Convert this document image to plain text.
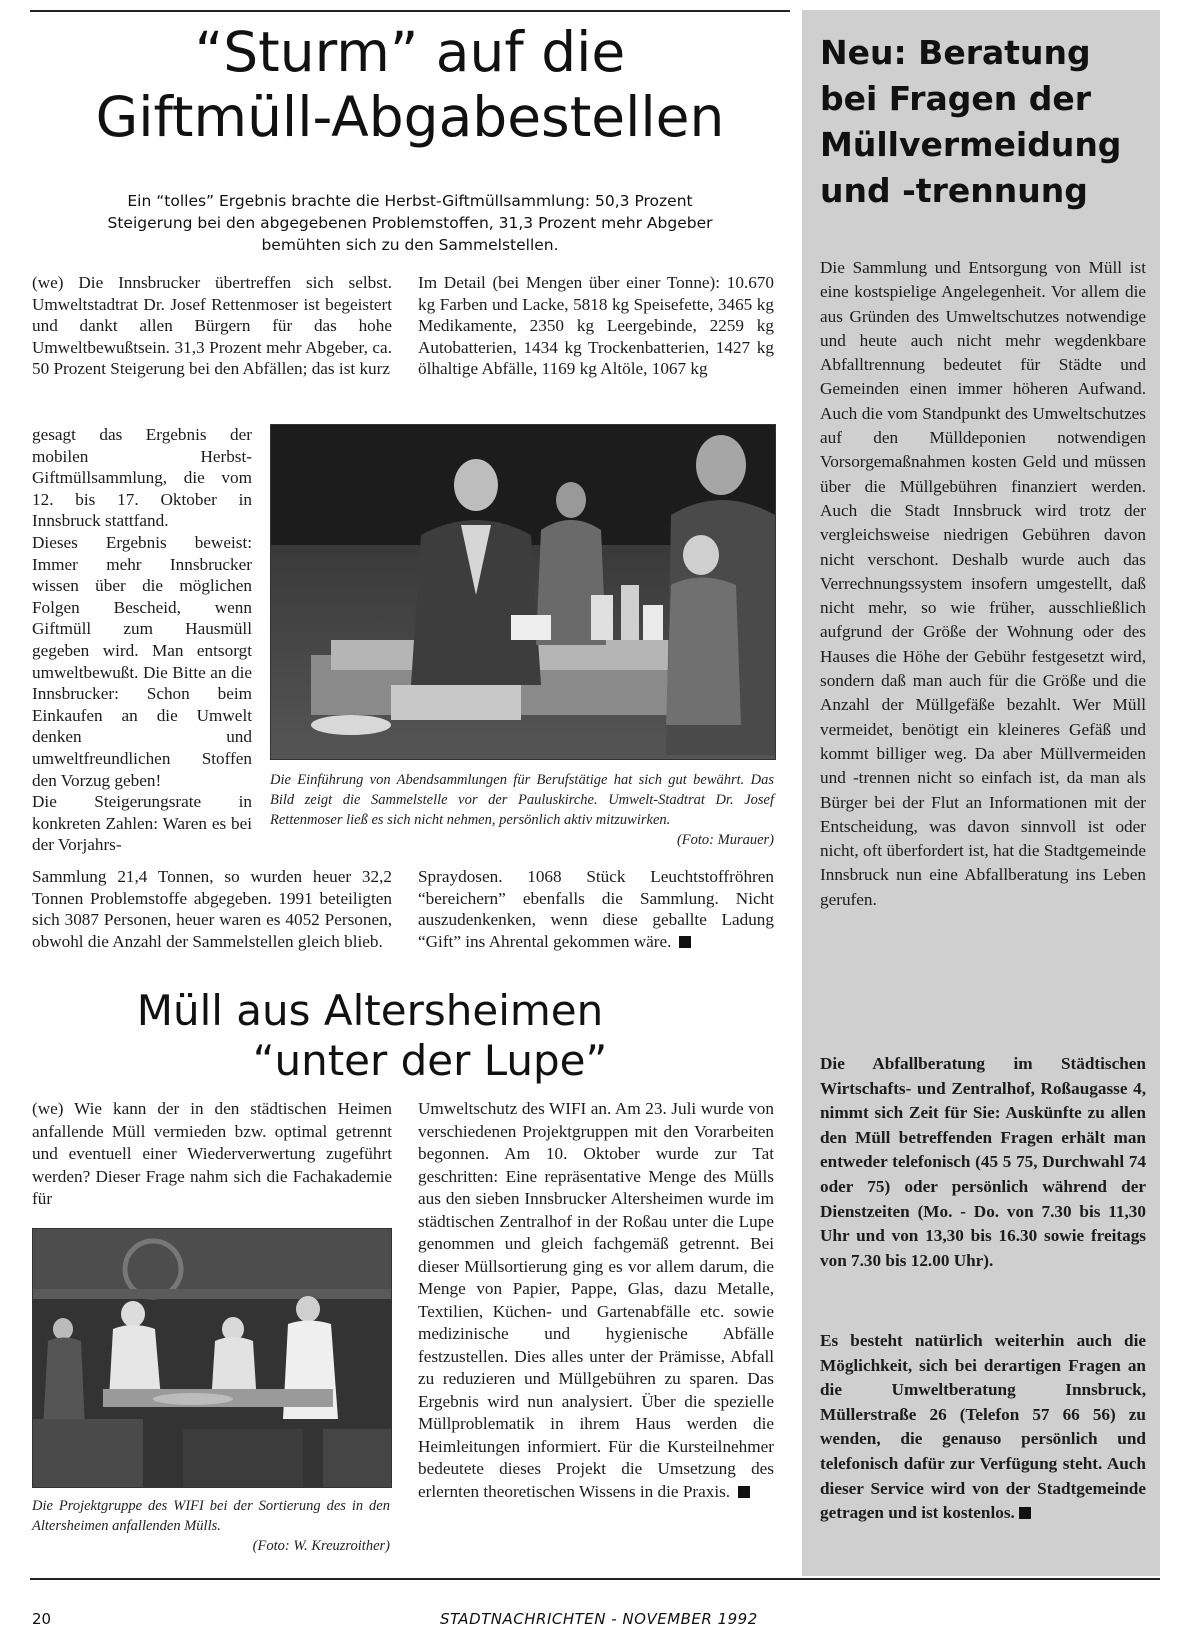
“Sturm” auf die
Giftmüll-Abgabestellen
Ein “tolles” Ergebnis brachte die Herbst-Giftmüllsammlung: 50,3 Prozent
Steigerung bei den abgegebenen Problemstoffen, 31,3 Prozent mehr Abgeber
bemühten sich zu den Sammelstellen.

(we) Die Innsbrucker übertreffen sich selbst. Umweltstadtrat Dr. Josef Rettenmoser ist begeistert und dankt allen Bürgern für das hohe Umweltbewußtsein. 31,3 Prozent mehr Abgeber, ca. 50 Prozent Steigerung bei den Abfällen; das ist kurz

gesagt das Ergebnis der mobilen Herbst-Giftmüllsammlung, die vom 12. bis 17. Oktober in Innsbruck stattfand.

Dieses Ergebnis beweist: Immer mehr Innsbrucker wissen über die möglichen Folgen Bescheid, wenn Giftmüll zum Hausmüll gegeben wird. Man entsorgt umweltbewußt. Die Bitte an die Innsbrucker: Schon beim Einkaufen an die Umwelt denken und umweltfreundlichen Stoffen den Vorzug geben!

Die Steigerungsrate in konkreten Zahlen: Waren es bei der Vorjahrs-

Sammlung 21,4 Tonnen, so wurden heuer 32,2 Tonnen Problemstoffe abgegeben. 1991 beteiligten sich 3087 Personen, heuer waren es 4052 Personen, obwohl die Anzahl der Sammelstellen gleich blieb.

Im Detail (bei Mengen über einer Tonne): 10.670 kg Farben und Lacke, 5818 kg Speisefette, 3465 kg Medikamente, 2350 kg Leergebinde, 2259 kg Autobatterien, 1434 kg Trockenbatterien, 1427 kg ölhaltige Abfälle, 1169 kg Altöle, 1067 kg

Die Einführung von Abendsammlungen für Berufstätige hat sich gut bewährt. Das Bild zeigt die Sammelstelle vor der Pauluskirche. Umwelt-Stadtrat Dr. Josef Rettenmoser ließ es sich nicht nehmen, persönlich aktiv mitzuwirken.
(Foto: Murauer)

Spraydosen. 1068 Stück Leuchtstoffröhren “bereichern” ebenfalls die Sammlung. Nicht auszudenkenken, wenn diese geballte Ladung “Gift” ins Ahrental gekommen wäre.

Müll aus Altersheimen
“unter der Lupe”

(we) Wie kann der in den städtischen Heimen anfallende Müll vermieden bzw. optimal getrennt und eventuell einer Wiederverwertung zugeführt werden? Dieser Frage nahm sich die Fachakademie für

Die Projektgruppe des WIFI bei der Sortierung des in den Altersheimen anfallenden Mülls.
(Foto: W. Kreuzroither)

Umweltschutz des WIFI an. Am 23. Juli wurde von verschiedenen Projektgruppen mit den Vorarbeiten begonnen. Am 10. Oktober wurde zur Tat geschritten: Eine repräsentative Menge des Mülls aus den sieben Innsbrucker Altersheimen wurde im städtischen Zentralhof in der Roßau unter die Lupe genommen und gleich fachgemäß getrennt. Bei dieser Müllsortierung ging es vor allem darum, die Menge von Papier, Pappe, Glas, dazu Metalle, Textilien, Küchen- und Gartenabfälle etc. sowie medizinische und hygienische Abfälle festzustellen. Dies alles unter der Prämisse, Abfall zu reduzieren und Müllgebühren zu sparen. Das Ergebnis wird nun analysiert. Über die spezielle Müllproblematik in ihrem Haus werden die Heimleitungen informiert. Für die Kursteilnehmer bedeutete dieses Projekt die Umsetzung des erlernten theoretischen Wissens in die Praxis.

Neu: Beratung
bei Fragen der
Müllvermeidung
und -trennung

Die Sammlung und Entsorgung von Müll ist eine kostspielige Angelegenheit. Vor allem die aus Gründen des Umweltschutzes notwendige und heute auch nicht mehr wegdenkbare Abfalltrennung bedeutet für Städte und Gemeinden einen immer höheren Aufwand. Auch die vom Standpunkt des Umweltschutzes auf den Mülldeponien notwendigen Vorsorgemaßnahmen kosten Geld und müssen über die Müllgebühren finanziert werden. Auch die Stadt Innsbruck wird trotz der vergleichsweise niedrigen Gebühren davon nicht verschont. Deshalb wurde auch das Verrechnungssystem insofern umgestellt, daß nicht mehr, so wie früher, ausschließlich aufgrund der Größe der Wohnung oder des Hauses die Höhe der Gebühr festgesetzt wird, sondern daß man auch für die Größe und die Anzahl der Müllgefäße bezahlt. Wer Müll vermeidet, benötigt ein kleineres Gefäß und kommt billiger weg. Da aber Müllvermeiden und -trennen nicht so einfach ist, da man als Bürger bei der Flut an Informationen mit der Entscheidung, was davon sinnvoll ist oder nicht, oft überfordert ist, hat die Stadtgemeinde Innsbruck nun eine Abfallberatung ins Leben gerufen.

Die Abfallberatung im Städtischen Wirtschafts- und Zentralhof, Roßaugasse 4, nimmt sich Zeit für Sie: Auskünfte zu allen den Müll betreffenden Fragen erhält man entweder telefonisch (45 5 75, Durchwahl 74 oder 75) oder persönlich während der Dienstzeiten (Mo. - Do. von 7.30 bis 11,30 Uhr und von 13,30 bis 16.30 sowie freitags von 7.30 bis 12.00 Uhr).

Es besteht natürlich weiterhin auch die Möglichkeit, sich bei derartigen Fragen an die Umweltberatung Innsbruck, Müllerstraße 26 (Telefon 57 66 56) zu wenden, die genauso persönlich und telefonisch dafür zur Verfügung steht. Auch dieser Service wird von der Stadtgemeinde getragen und ist kostenlos.

20	STADTNACHRICHTEN - NOVEMBER 1992
